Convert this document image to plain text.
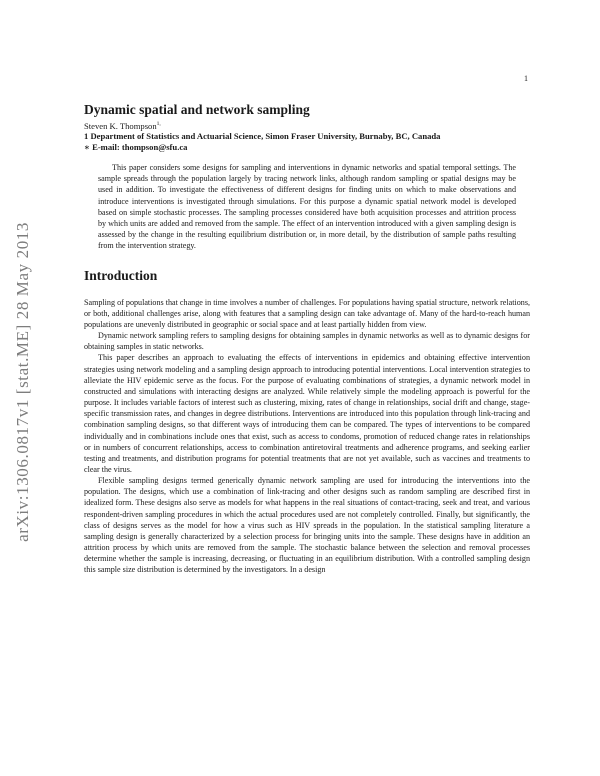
1
arXiv:1306.0817v1 [stat.ME] 28 May 2013
Dynamic spatial and network sampling
Steven K. Thompson$^{1,}$
1 Department of Statistics and Actuarial Science, Simon Fraser University, Burnaby, BC, Canada
∗ E-mail: thompson@sfu.ca

This paper considers some designs for sampling and interventions in dynamic networks and spatial temporal settings. The sample spreads through the population largely by tracing network links, although random sampling or spatial designs may be used in addition. To investigate the effectiveness of different designs for finding units on which to make observations and introduce interventions is investigated through simulations. For this purpose a dynamic spatial network model is developed based on simple stochastic processes. The sampling processes considered have both acquisition processes and attrition process by which units are added and removed from the sample. The effect of an intervention introduced with a given sampling design is assessed by the change in the resulting equilibrium distribution or, in more detail, by the distribution of sample paths resulting from the intervention strategy.

Introduction

Sampling of populations that change in time involves a number of challenges. For populations having spatial structure, network relations, or both, additional challenges arise, along with features that a sampling design can take advantage of. Many of the hard-to-reach human populations are unevenly distributed in geographic or social space and at least partially hidden from view.

Dynamic network sampling refers to sampling designs for obtaining samples in dynamic networks as well as to dynamic designs for obtaining samples in static networks.

This paper describes an approach to evaluating the effects of interventions in epidemics and obtaining effective intervention strategies using network modeling and a sampling design approach to introducing potential interventions. Local intervention strategies to alleviate the HIV epidemic serve as the focus. For the purpose of evaluating combinations of strategies, a dynamic network model in constructed and simulations with interacting designs are analyzed. While relatively simple the modeling approach is powerful for the purpose. It includes variable factors of interest such as clustering, mixing, rates of change in relationships, social drift and change, stage-specific transmission rates, and changes in degree distributions. Interventions are introduced into this population through link-tracing and combination sampling designs, so that different ways of introducing them can be compared. The types of interventions to be compared individually and in combinations include ones that exist, such as access to condoms, promotion of reduced change rates in relationships or in numbers of concurrent relationships, access to combination antiretoviral treatments and adherence programs, and seeking earlier testing and treatments, and distribution programs for potential treatments that are not yet available, such as vaccines and treatments to clear the virus.

Flexible sampling designs termed generically dynamic network sampling are used for introducing the interventions into the population. The designs, which use a combination of link-tracing and other designs such as random sampling are described first in idealized form. These designs also serve as models for what happens in the real situations of contact-tracing, seek and treat, and various respondent-driven sampling procedures in which the actual procedures used are not completely controlled. Finally, but significantly, the class of designs serves as the model for how a virus such as HIV spreads in the population. In the statistical sampling literature a sampling design is generally characterized by a selection process for bringing units into the sample. These designs have in addition an attrition process by which units are removed from the sample. The stochastic balance between the selection and removal processes determine whether the sample is increasing, decreasing, or fluctuating in an equilibrium distribution. With a controlled sampling design this sample size distribution is determined by the investigators. In a design
